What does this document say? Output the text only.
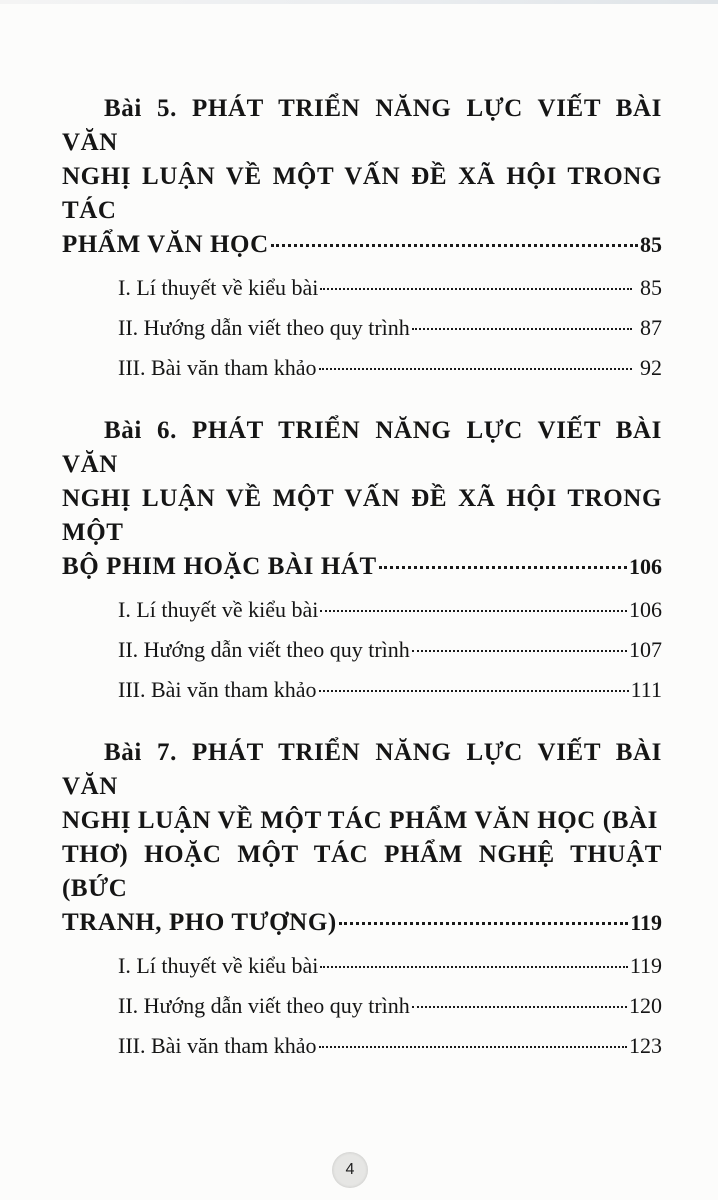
Bài 5. PHÁT TRIỂN NĂNG LỰC VIẾT BÀI VĂN
NGHỊ LUẬN VỀ MỘT VẤN ĐỀ XÃ HỘI TRONG TÁC
PHẨM VĂN HỌC	85
I. Lí thuyết về kiểu bài	85
II. Hướng dẫn viết theo quy trình	87
III. Bài văn tham khảo	92
Bài 6. PHÁT TRIỂN NĂNG LỰC VIẾT BÀI VĂN
NGHỊ LUẬN VỀ MỘT VẤN ĐỀ XÃ HỘI TRONG MỘT
BỘ PHIM HOẶC BÀI HÁT	106
I. Lí thuyết về kiểu bài	106
II. Hướng dẫn viết theo quy trình	107
III. Bài văn tham khảo	111
Bài 7. PHÁT TRIỂN NĂNG LỰC VIẾT BÀI VĂN
NGHỊ LUẬN VỀ MỘT TÁC PHẨM VĂN HỌC (BÀI
THƠ) HOẶC MỘT TÁC PHẨM NGHỆ THUẬT (BỨC
TRANH, PHO TƯỢNG)	119
I. Lí thuyết về kiểu bài	119
II. Hướng dẫn viết theo quy trình	120
III. Bài văn tham khảo	123
4
